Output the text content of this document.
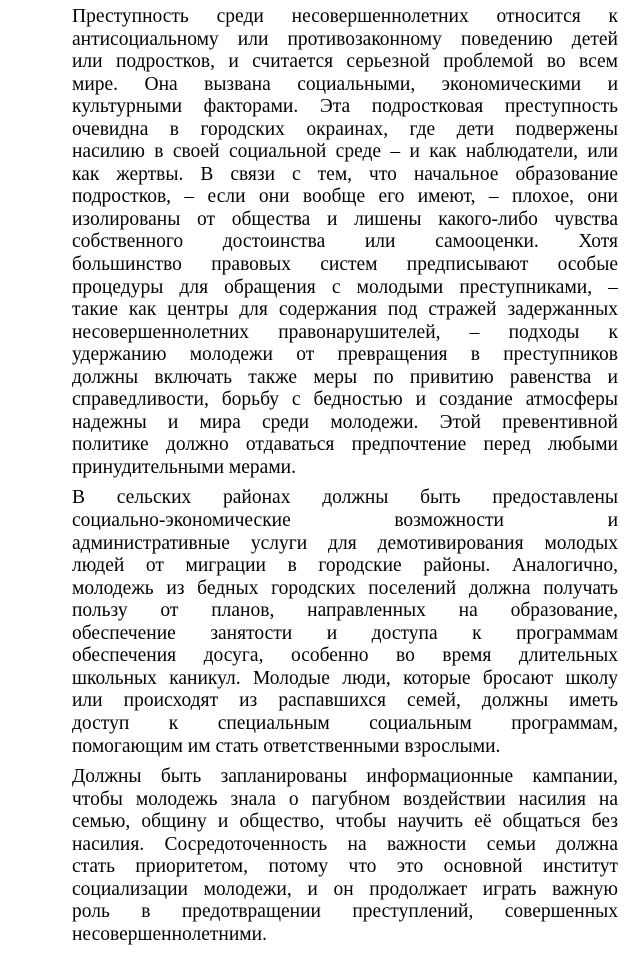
Преступность среди несовершеннолетних относится к
антисоциальному или противозаконному поведению детей
или подростков, и считается серьезной проблемой во всем
мире. Она вызвана социальными, экономическими и
культурными факторами. Эта подростковая преступность
очевидна в городских окраинах, где дети подвержены
насилию в своей социальной среде – и как наблюдатели, или
как жертвы. В связи с тем, что начальное образование
подростков, – если они вообще его имеют, – плохое, они
изолированы от общества и лишены какого-либо чувства
собственного достоинства или самооценки. Хотя
большинство правовых систем предписывают особые
процедуры для обращения с молодыми преступниками, –
такие как центры для содержания под стражей задержанных
несовершеннолетних правонарушителей, – подходы к
удержанию молодежи от превращения в преступников
должны включать также меры по привитию равенства и
справедливости, борьбу с бедностью и создание атмосферы
надежны и мира среди молодежи. Этой превентивной
политике должно отдаваться предпочтение перед любыми
принудительными мерами.
В сельских районах должны быть предоставлены
социально-экономические возможности и
административные услуги для демотивирования молодых
людей от миграции в городские районы. Аналогично,
молодежь из бедных городских поселений должна получать
пользу от планов, направленных на образование,
обеспечение занятости и доступа к программам
обеспечения досуга, особенно во время длительных
школьных каникул. Молодые люди, которые бросают школу
или происходят из распавшихся семей, должны иметь
доступ к специальным социальным программам,
помогающим им стать ответственными взрослыми.
Должны быть запланированы информационные кампании,
чтобы молодежь знала о пагубном воздействии насилия на
семью, общину и общество, чтобы научить её общаться без
насилия. Сосредоточенность на важности семьи должна
стать приоритетом, потому что это основной институт
социализации молодежи, и он продолжает играть важную
роль в предотвращении преступлений, совершенных
несовершеннолетними.
